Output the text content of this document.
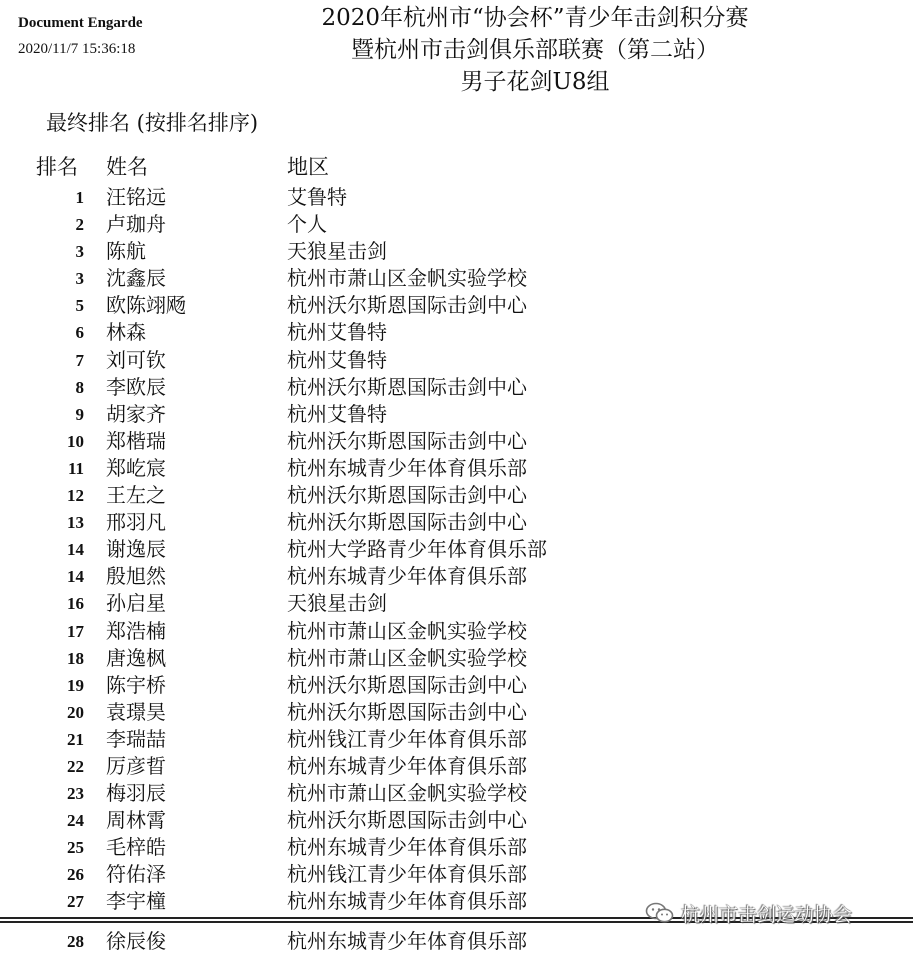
Document Engarde
2020/11/7 15:36:18
2020年杭州市“协会杯”青少年击剑积分赛
暨杭州市击剑俱乐部联赛（第二站）
男子花剑U8组
最终排名 (按排名排序)
排名 姓名	地区
1 汪铭远	艾鲁特
2 卢珈舟	个人
3 陈航	天狼星击剑
3 沈鑫辰	杭州市萧山区金帆实验学校
5 欧陈翊飏	杭州沃尔斯恩国际击剑中心
6 林森	杭州艾鲁特
7 刘可钦	杭州艾鲁特
8 李欧辰	杭州沃尔斯恩国际击剑中心
9 胡家齐	杭州艾鲁特
10 郑楷瑞	杭州沃尔斯恩国际击剑中心
11 郑屹宸	杭州东城青少年体育俱乐部
12 王左之	杭州沃尔斯恩国际击剑中心
13 邢羽凡	杭州沃尔斯恩国际击剑中心
14 谢逸辰	杭州大学路青少年体育俱乐部
14 殷旭然	杭州东城青少年体育俱乐部
16 孙启星	天狼星击剑
17 郑浩楠	杭州市萧山区金帆实验学校
18 唐逸枫	杭州市萧山区金帆实验学校
19 陈宇桥	杭州沃尔斯恩国际击剑中心
20 袁璟昊	杭州沃尔斯恩国际击剑中心
21 李瑞喆	杭州钱江青少年体育俱乐部
22 厉彦晢	杭州东城青少年体育俱乐部
23 梅羽辰	杭州市萧山区金帆实验学校
24 周林霄	杭州沃尔斯恩国际击剑中心
25 毛梓皓	杭州东城青少年体育俱乐部
26 符佑泽	杭州钱江青少年体育俱乐部
27 李宇橦	杭州东城青少年体育俱乐部
28 徐辰俊	杭州东城青少年体育俱乐部
杭州市击剑运动协会
